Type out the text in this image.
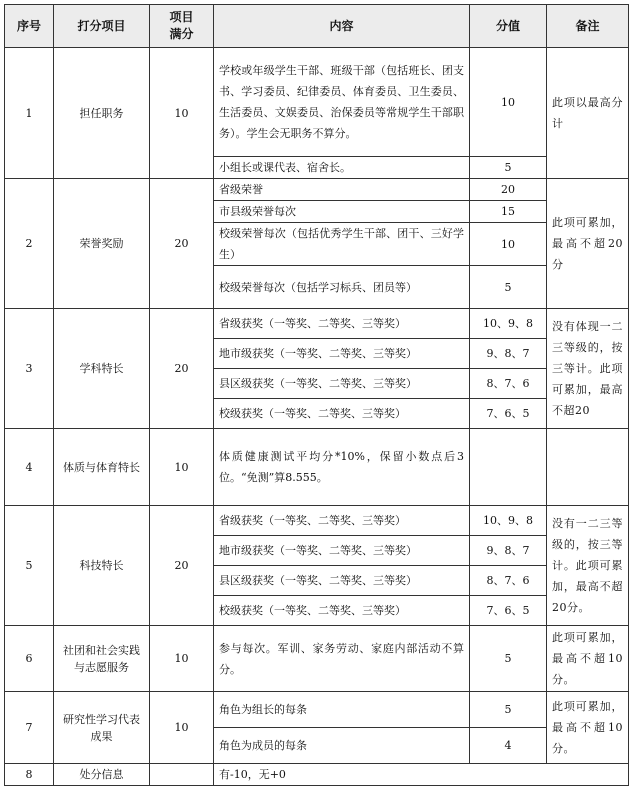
序号	打分项目	项目满分	内容	分值	备注
1	担任职务	10	学校或年级学生干部、班级干部（包括班长、团支书、学习委员、纪律委员、体育委员、卫生委员、生活委员、文娱委员、治保委员等常规学生干部职务）。学生会无职务不算分。	10	此项以最高分计
			小组长或课代表、宿舍长。	5	
2	荣誉奖励	20	省级荣誉	20	此项可累加，最高不超20分
			市县级荣誉每次	15	
			校级荣誉每次（包括优秀学生干部、团干、三好学生）	10	
			校级荣誉每次（包括学习标兵、团员等）	5	
3	学科特长	20	省级获奖（一等奖、二等奖、三等奖）	10、9、8	没有体现一二三等级的，按三等计。此项可累加，最高不超20
			地市级获奖（一等奖、二等奖、三等奖）	9、8、7	
			县区级获奖（一等奖、二等奖、三等奖）	8、7、6	
			校级获奖（一等奖、二等奖、三等奖）	7、6、5	
4	体质与体育特长	10	体质健康测试平均分*10%，保留小数点后3位。“免测”算8.555。		
5	科技特长	20	省级获奖（一等奖、二等奖、三等奖）	10、9、8	没有一二三等级的，按三等计。此项可累加，最高不超20分。
			地市级获奖（一等奖、二等奖、三等奖）	9、8、7	
			县区级获奖（一等奖、二等奖、三等奖）	8、7、6	
			校级获奖（一等奖、二等奖、三等奖）	7、6、5	
6	社团和社会实践与志愿服务	10	参与每次。军训、家务劳动、家庭内部活动不算分。	5	此项可累加，最高不超10分。
7	研究性学习代表成果	10	角色为组长的每条	5	此项可累加，最高不超10分。
			角色为成员的每条	4	
8	处分信息		有-10，无+0		
